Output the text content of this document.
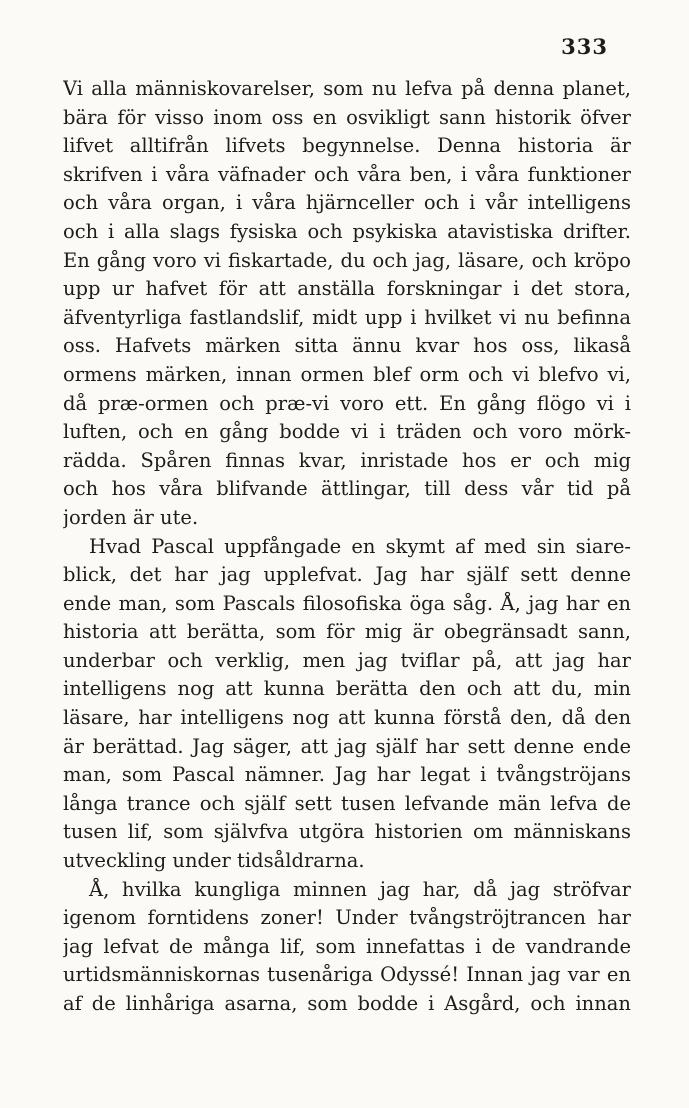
333
Vi alla människovarelser, som nu lefva på denna planet,
bära för visso inom oss en osvikligt sann historik öfver
lifvet alltifrån lifvets begynnelse. Denna historia är
skrifven i våra väfnader och våra ben, i våra funktioner
och våra organ, i våra hjärnceller och i vår intelligens
och i alla slags fysiska och psykiska atavistiska drifter.
En gång voro vi fiskartade, du och jag, läsare, och kröpo
upp ur hafvet för att anställa forskningar i det stora,
äfventyrliga fastlandslif, midt upp i hvilket vi nu befinna
oss. Hafvets märken sitta ännu kvar hos oss, likaså
ormens märken, innan ormen blef orm och vi blefvo vi,
då præ-ormen och præ-vi voro ett. En gång flögo vi i
luften, och en gång bodde vi i träden och voro mörk-
rädda. Spåren finnas kvar, inristade hos er och mig
och hos våra blifvande ättlingar, till dess vår tid på
jorden är ute.
Hvad Pascal uppfångade en skymt af med sin siare-
blick, det har jag upplefvat. Jag har själf sett denne
ende man, som Pascals filosofiska öga såg. Å, jag har en
historia att berätta, som för mig är obegränsadt sann,
underbar och verklig, men jag tviflar på, att jag har
intelligens nog att kunna berätta den och att du, min
läsare, har intelligens nog att kunna förstå den, då den
är berättad. Jag säger, att jag själf har sett denne ende
man, som Pascal nämner. Jag har legat i tvångströjans
långa trance och själf sett tusen lefvande män lefva de
tusen lif, som självfva utgöra historien om människans
utveckling under tidsåldrarna.
Å, hvilka kungliga minnen jag har, då jag ströfvar
igenom forntidens zoner! Under tvångströjtrancen har
jag lefvat de många lif, som innefattas i de vandrande
urtidsmänniskornas tusenåriga Odyssé! Innan jag var en
af de linhåriga asarna, som bodde i Asgård, och innan
